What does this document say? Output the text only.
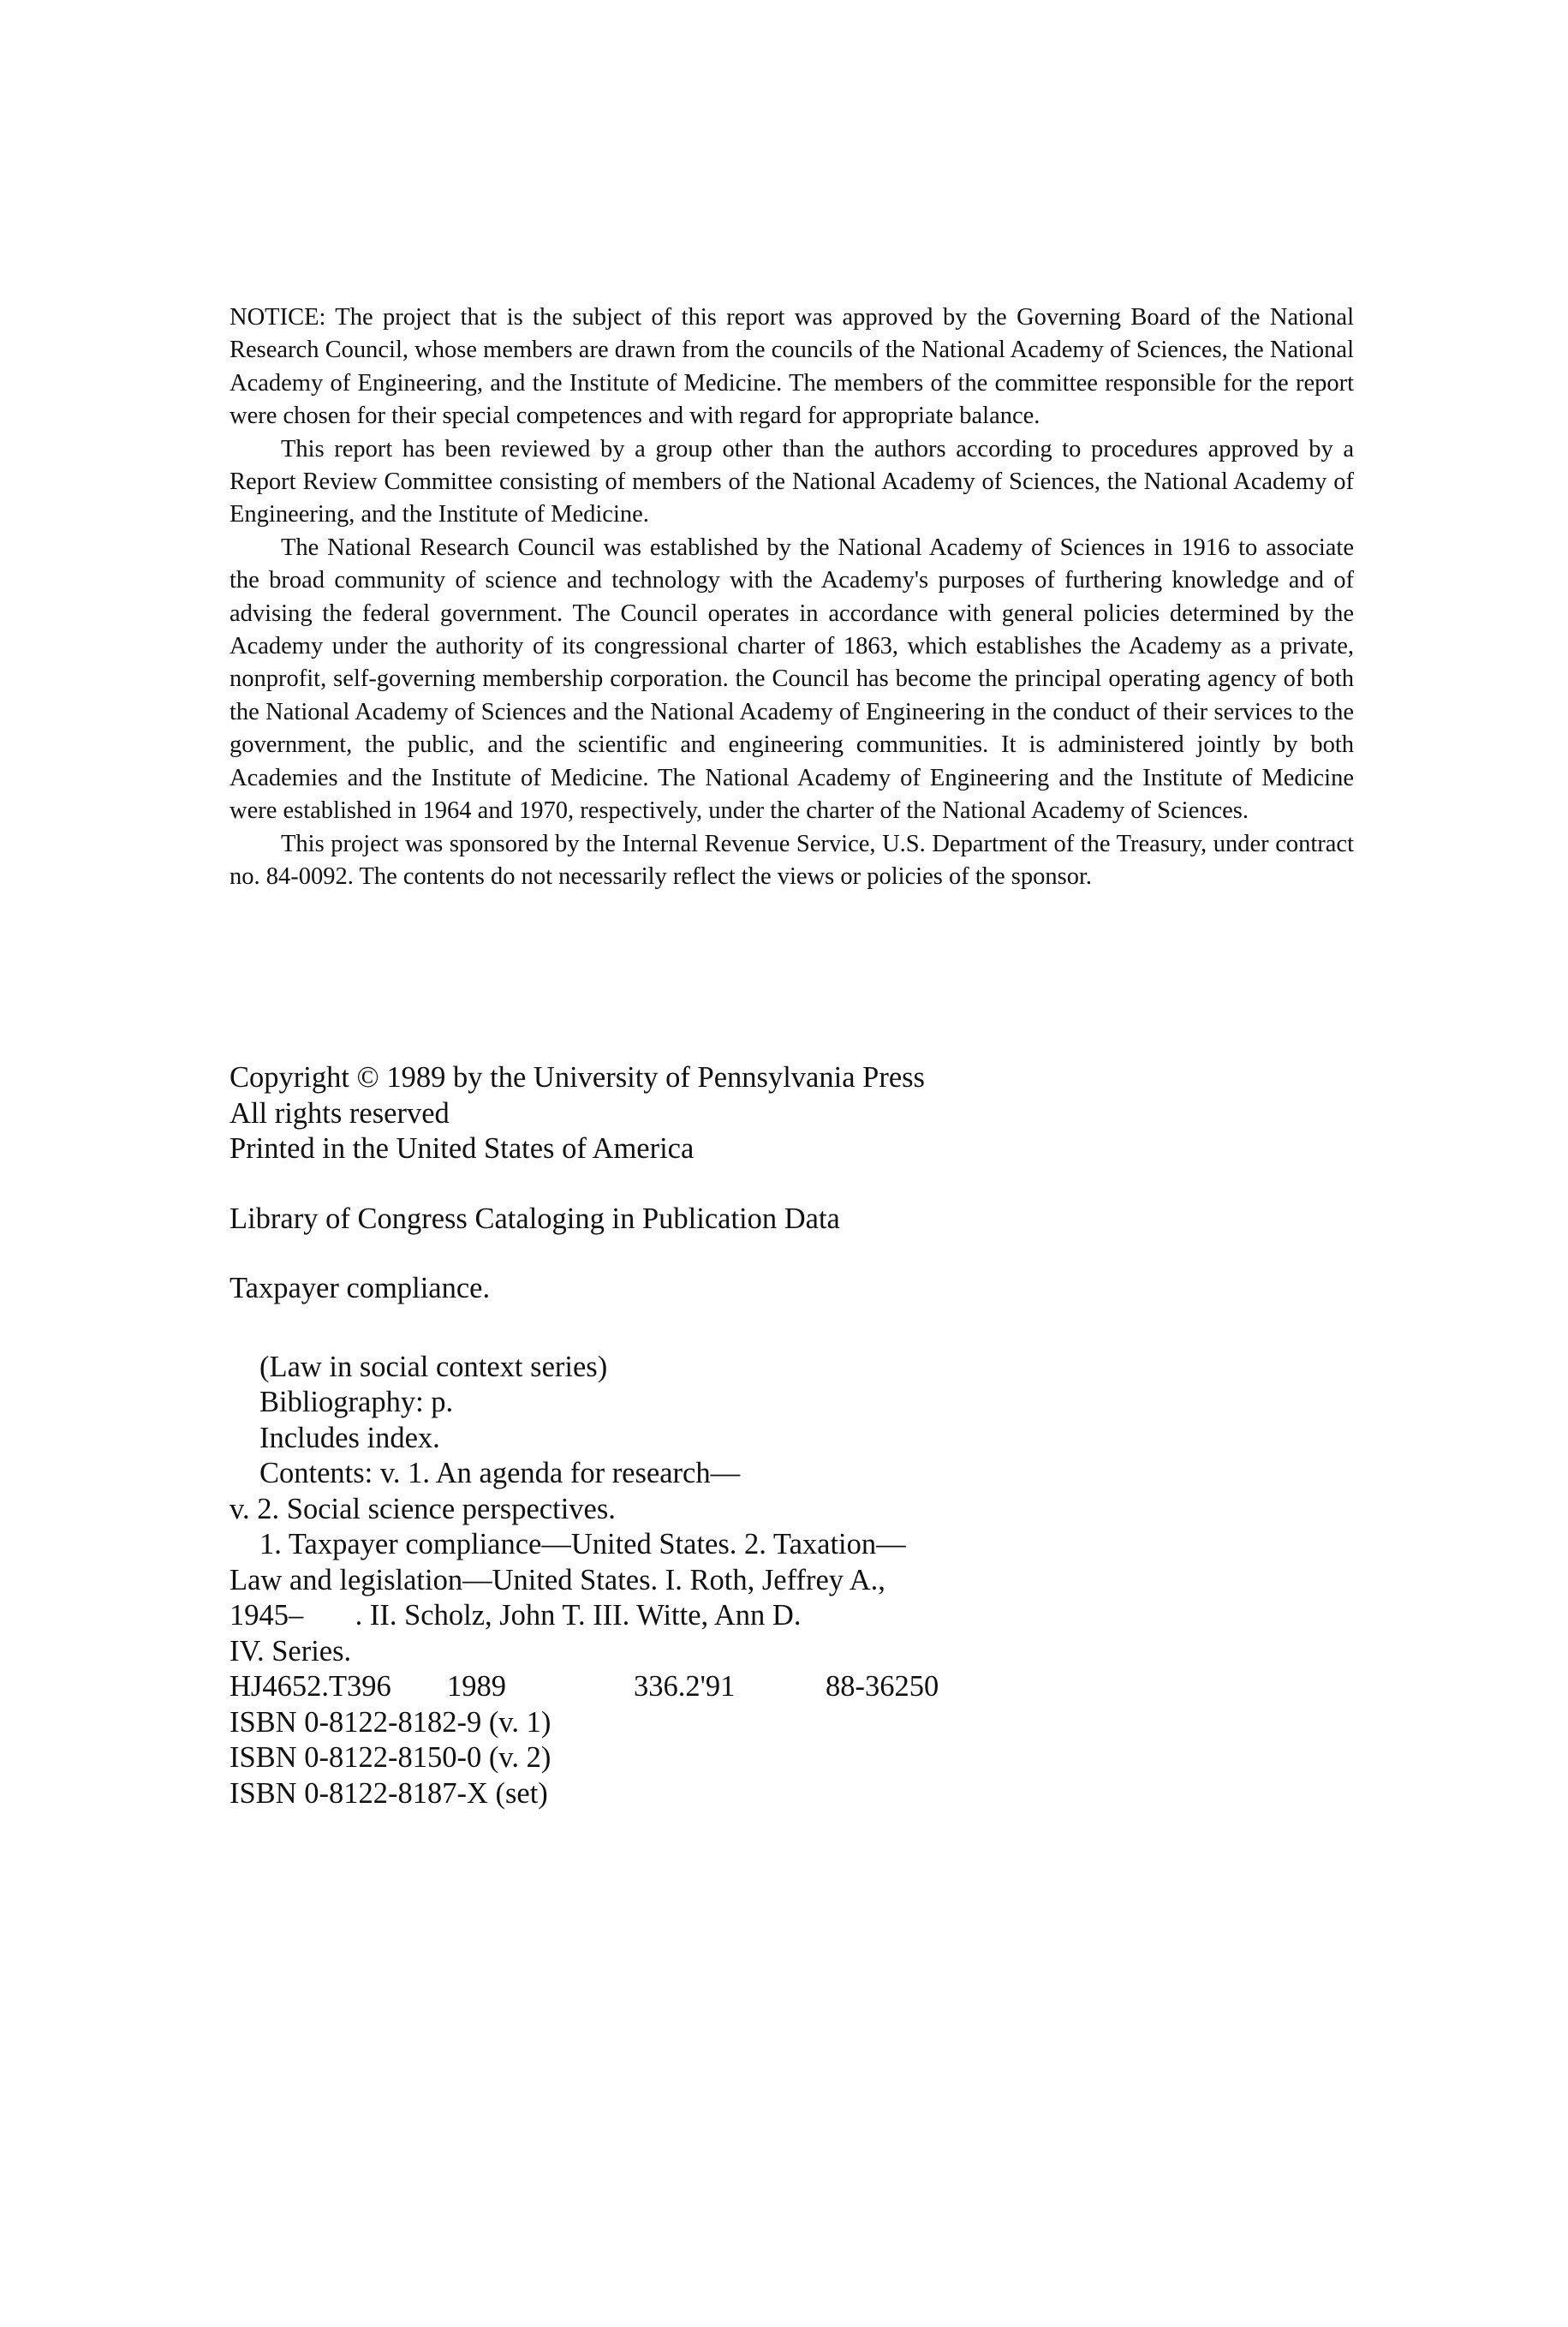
NOTICE: The project that is the subject of this report was approved by the Governing Board of the National Research Council, whose members are drawn from the councils of the National Academy of Sciences, the National Academy of Engineering, and the Institute of Medicine. The members of the committee responsible for the report were chosen for their special competences and with regard for appropriate balance.

This report has been reviewed by a group other than the authors according to procedures approved by a Report Review Committee consisting of members of the National Academy of Sciences, the National Academy of Engineering, and the Institute of Medicine.

The National Research Council was established by the National Academy of Sciences in 1916 to associate the broad community of science and technology with the Academy's purposes of furthering knowledge and of advising the federal government. The Council operates in accordance with general policies determined by the Academy under the authority of its congressional charter of 1863, which establishes the Academy as a private, nonprofit, self-governing membership corporation. the Council has become the principal operating agency of both the National Academy of Sciences and the National Academy of Engineering in the conduct of their services to the government, the public, and the scientific and engineering communities. It is administered jointly by both Academies and the Institute of Medicine. The National Academy of Engineering and the Institute of Medicine were established in 1964 and 1970, respectively, under the charter of the National Academy of Sciences.

This project was sponsored by the Internal Revenue Service, U.S. Department of the Treasury, under contract no. 84-0092. The contents do not necessarily reflect the views or policies of the sponsor.

Copyright © 1989 by the University of Pennsylvania Press
All rights reserved
Printed in the United States of America
Library of Congress Cataloging in Publication Data
Taxpayer compliance.
(Law in social context series)
Bibliography: p.
Includes index.
Contents: v. 1. An agenda for research—
v. 2. Social science perspectives.
1. Taxpayer compliance—United States. 2. Taxation—
Law and legislation—United States. I. Roth, Jeffrey A.,
1945–       . II. Scholz, John T. III. Witte, Ann D.
IV. Series.
HJ4652.T396	1989	336.2'91	88-36250
ISBN 0-8122-8182-9 (v. 1)
ISBN 0-8122-8150-0 (v. 2)
ISBN 0-8122-8187-X (set)
